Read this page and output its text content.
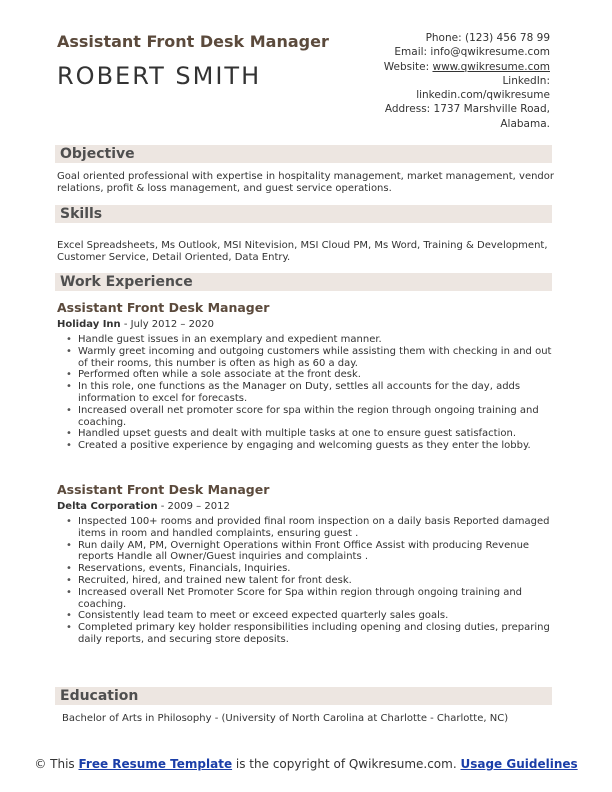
Assistant Front Desk Manager
ROBERT SMITH
Phone: (123) 456 78 99
Email: info@qwikresume.com
Website: www.qwikresume.com
LinkedIn:
linkedin.com/qwikresume
Address: 1737 Marshville Road,
Alabama.
Objective
Goal oriented professional with expertise in hospitality management, market management, vendor relations, profit & loss management, and guest service operations.
Skills
Excel Spreadsheets, Ms Outlook, MSI Nitevision, MSI Cloud PM, Ms Word, Training & Development, Customer Service, Detail Oriented, Data Entry.
Work Experience
Assistant Front Desk Manager
Holiday Inn - July 2012 – 2020
• Handle guest issues in an exemplary and expedient manner.
• Warmly greet incoming and outgoing customers while assisting them with checking in and out of their rooms, this number is often as high as 60 a day.
• Performed often while a sole associate at the front desk.
• In this role, one functions as the Manager on Duty, settles all accounts for the day, adds information to excel for forecasts.
• Increased overall net promoter score for spa within the region through ongoing training and coaching.
• Handled upset guests and dealt with multiple tasks at one to ensure guest satisfaction.
• Created a positive experience by engaging and welcoming guests as they enter the lobby.
Assistant Front Desk Manager
Delta Corporation - 2009 – 2012
• Inspected 100+ rooms and provided final room inspection on a daily basis Reported damaged items in room and handled complaints, ensuring guest .
• Run daily AM, PM, Overnight Operations within Front Office Assist with producing Revenue reports Handle all Owner/Guest inquiries and complaints .
• Reservations, events, Financials, Inquiries.
• Recruited, hired, and trained new talent for front desk.
• Increased overall Net Promoter Score for Spa within region through ongoing training and coaching.
• Consistently lead team to meet or exceed expected quarterly sales goals.
• Completed primary key holder responsibilities including opening and closing duties, preparing daily reports, and securing store deposits.
Education
Bachelor of Arts in Philosophy - (University of North Carolina at Charlotte - Charlotte, NC)
© This Free Resume Template is the copyright of Qwikresume.com. Usage Guidelines
